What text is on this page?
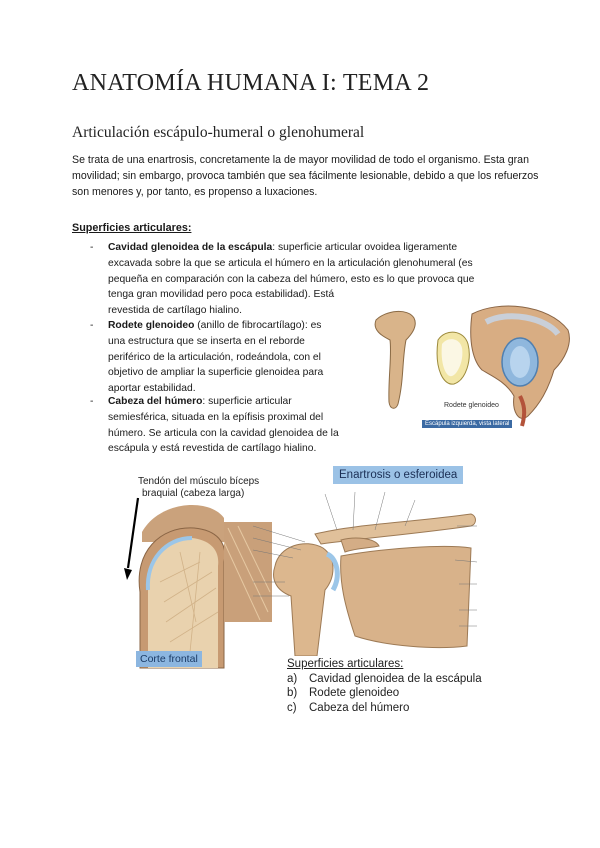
ANATOMÍA HUMANA I: TEMA 2
Articulación escápulo-humeral o glenohumeral
Se trata de una enartrosis, concretamente la de mayor movilidad de todo el organismo. Esta gran movilidad; sin embargo, provoca también que sea fácilmente lesionable, debido a que los refuerzos son menores y, por tanto, es propenso a luxaciones.
Superficies articulares:
- Cavidad glenoidea de la escápula: superficie articular ovoidea ligeramente
excavada sobre la que se articula el húmero en la articulación glenohumeral (es
pequeña en comparación con la cabeza del húmero, esto es lo que provoca que
tenga gran movilidad pero poca estabilidad). Está
revestida de cartílago hialino.
- Rodete glenoideo (anillo de fibrocartílago): es
una estructura que se inserta en el reborde
periférico de la articulación, rodeándola, con el
objetivo de ampliar la superficie glenoidea para
aportar estabilidad.
- Cabeza del húmero: superficie articular
semiesférica, situada en la epífisis proximal del
húmero. Se articula con la cavidad glenoidea de la
escápula y está revestida de cartílago hialino.
Rodete glenoideo
Escápula izquierda, vista lateral
Tendón del músculo bíceps
braquial (cabeza larga)
Corte frontal
Enartrosis o esferoidea
Superficies articulares:
a) Cavidad glenoidea de la escápula
b) Rodete glenoideo
c) Cabeza del húmero
